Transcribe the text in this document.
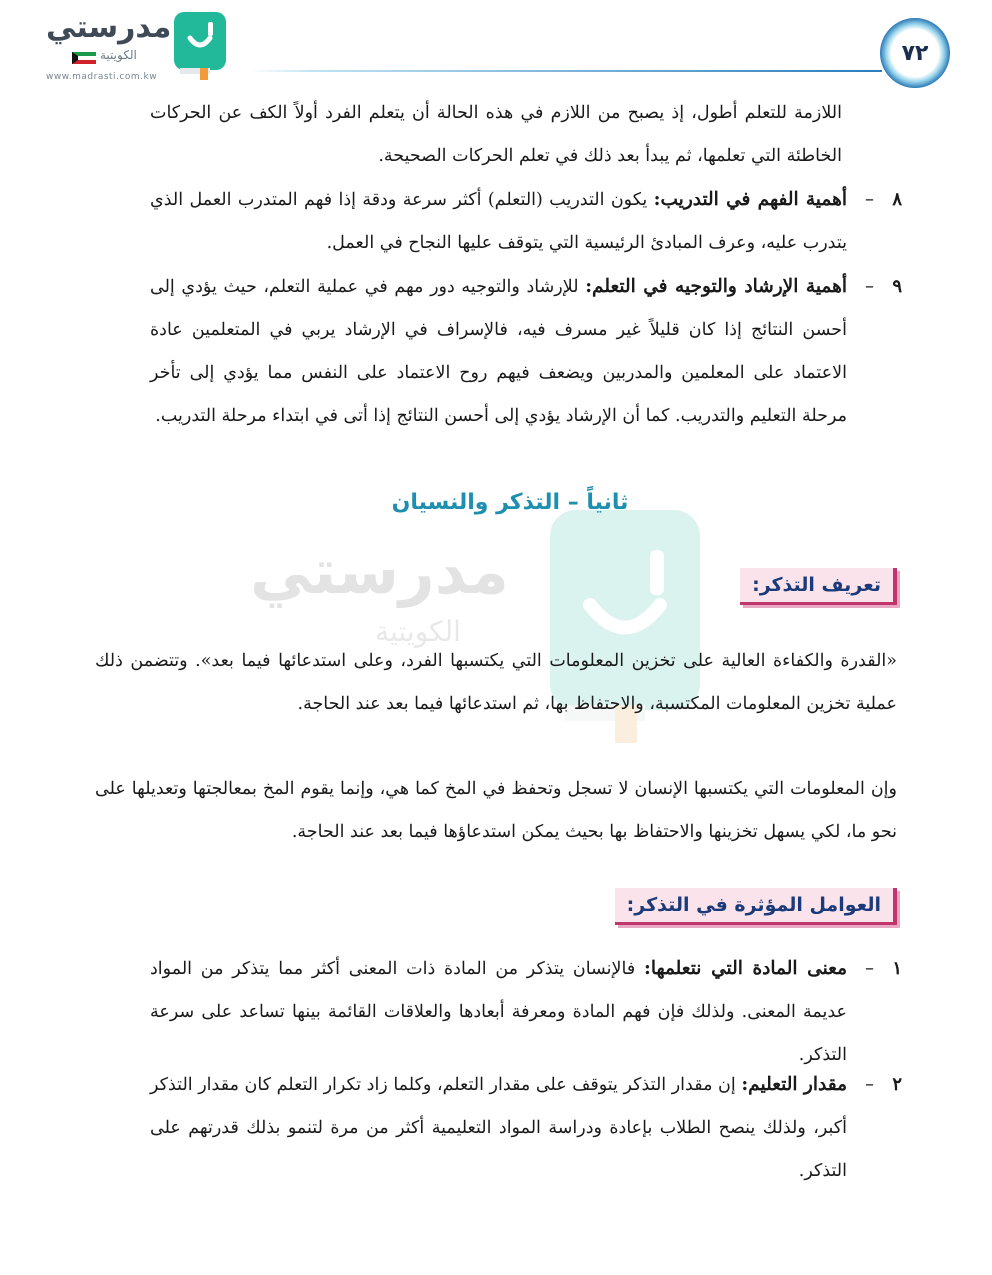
مدرستي
الكويتية
www.madrasti.com.kw
٧٢
مدرستي
الكويتية
اللازمة للتعلم أطول، إذ يصبح من اللازم في هذه الحالة أن يتعلم الفرد أولاً الكف عن الحركات الخاطئة التي تعلمها، ثم يبدأ بعد ذلك في تعلم الحركات الصحيحة.
٨
–
أهمية الفهم في التدريب: يكون التدريب (التعلم) أكثر سرعة ودقة إذا فهم المتدرب العمل الذي يتدرب عليه، وعرف المبادئ الرئيسية التي يتوقف عليها النجاح في العمل.
٩
–
أهمية الإرشاد والتوجيه في التعلم: للإرشاد والتوجيه دور مهم في عملية التعلم، حيث يؤدي إلى أحسن النتائج إذا كان قليلاً غير مسرف فيه، فالإسراف في الإرشاد يربي في المتعلمين عادة الاعتماد على المعلمين والمدربين ويضعف فيهم روح الاعتماد على النفس مما يؤدي إلى تأخر مرحلة التعليم والتدريب. كما أن الإرشاد يؤدي إلى أحسن النتائج إذا أتى في ابتداء مرحلة التدريب.
ثانياً – التذكر والنسيان
تعريف التذكر:
«القدرة والكفاءة العالية على تخزين المعلومات التي يكتسبها الفرد، وعلى استدعائها فيما بعد». وتتضمن ذلك عملية تخزين المعلومات المكتسبة، والاحتفاظ بها، ثم استدعائها فيما بعد عند الحاجة.
وإن المعلومات التي يكتسبها الإنسان لا تسجل وتحفظ في المخ كما هي، وإنما يقوم المخ بمعالجتها وتعديلها على نحو ما، لكي يسهل تخزينها والاحتفاظ بها بحيث يمكن استدعاؤها فيما بعد عند الحاجة.
العوامل المؤثرة في التذكر:
١
–
معنى المادة التي نتعلمها: فالإنسان يتذكر من المادة ذات المعنى أكثر مما يتذكر من المواد عديمة المعنى. ولذلك فإن فهم المادة ومعرفة أبعادها والعلاقات القائمة بينها تساعد على سرعة التذكر.
٢
–
مقدار التعليم: إن مقدار التذكر يتوقف على مقدار التعلم، وكلما زاد تكرار التعلم كان مقدار التذكر أكبر، ولذلك ينصح الطلاب بإعادة ودراسة المواد التعليمية أكثر من مرة لتنمو بذلك قدرتهم على التذكر.
